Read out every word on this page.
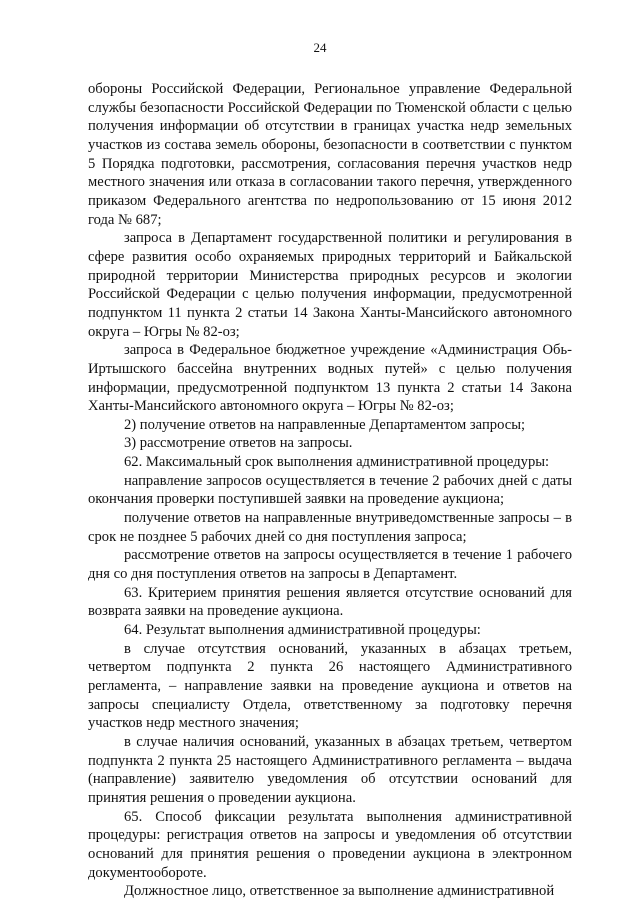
24

обороны Российской Федерации, Региональное управление Федеральной службы безопасности Российской Федерации по Тюменской области с целью получения информации об отсутствии в границах участка недр земельных участков из состава земель обороны, безопасности в соответствии с пунктом 5 Порядка подготовки, рассмотрения, согласования перечня участков недр местного значения или отказа в согласовании такого перечня, утвержденного приказом Федерального агентства по недропользованию от 15 июня 2012 года № 687;

запроса в Департамент государственной политики и регулирования в сфере развития особо охраняемых природных территорий и Байкальской природной территории Министерства природных ресурсов и экологии Российской Федерации с целью получения информации, предусмотренной подпунктом 11 пункта 2 статьи 14 Закона Ханты-Мансийского автономного округа – Югры № 82-оз;

запроса в Федеральное бюджетное учреждение «Администрация Обь-Иртышского бассейна внутренних водных путей» с целью получения информации, предусмотренной подпунктом 13 пункта 2 статьи 14 Закона Ханты-Мансийского автономного округа – Югры № 82-оз;

2) получение ответов на направленные Департаментом запросы;

3) рассмотрение ответов на запросы.

62. Максимальный срок выполнения административной процедуры:

направление запросов осуществляется в течение 2 рабочих дней с даты окончания проверки поступившей заявки на проведение аукциона;

получение ответов на направленные внутриведомственные запросы – в срок не позднее 5 рабочих дней со дня поступления запроса;

рассмотрение ответов на запросы осуществляется в течение 1 рабочего дня со дня поступления ответов на запросы в Департамент.

63. Критерием принятия решения является отсутствие оснований для возврата заявки на проведение аукциона.

64. Результат выполнения административной процедуры:

в случае отсутствия оснований, указанных в абзацах третьем, четвертом подпункта 2 пункта 26 настоящего Административного регламента, – направление заявки на проведение аукциона и ответов на запросы специалисту Отдела, ответственному за подготовку перечня участков недр местного значения;

в случае наличия оснований, указанных в абзацах третьем, четвертом подпункта 2 пункта 25 настоящего Административного регламента – выдача (направление) заявителю уведомления об отсутствии оснований для принятия решения о проведении аукциона.

65. Способ фиксации результата выполнения административной процедуры: регистрация ответов на запросы и уведомления об отсутствии оснований для принятия решения о проведении аукциона в электронном документообороте.

Должностное лицо, ответственное за выполнение административной
